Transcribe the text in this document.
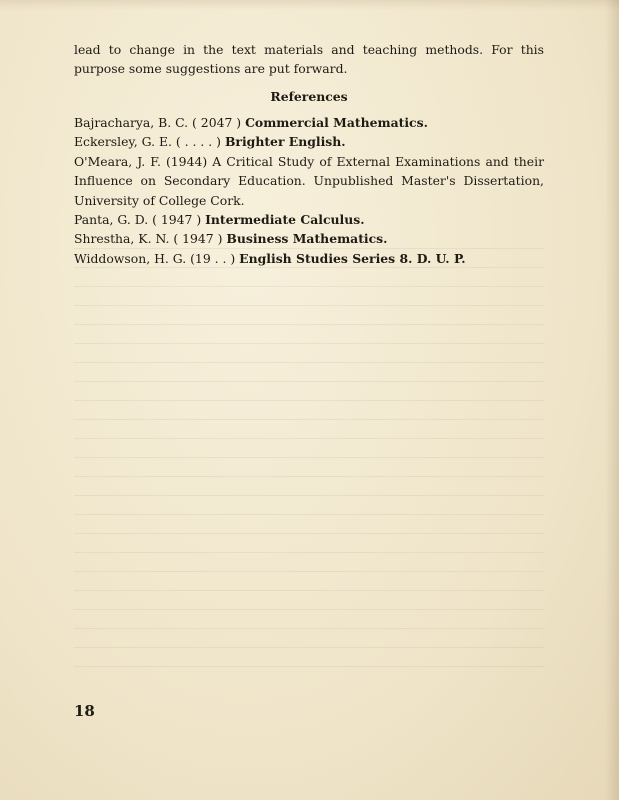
lead to change in the text materials and teaching methods. For this purpose some suggestions are put forward.

References
Bajracharya, B. C. ( 2047 ) Commercial Mathematics.
Eckersley, G. E. ( . . . . ) Brighter English.
O'Meara, J. F. (1944) A Critical Study of External Examinations and their Influence on Secondary Education. Unpublished Master's Dissertation, University of College Cork.
Panta, G. D. ( 1947 ) Intermediate Calculus.
Shrestha, K. N. ( 1947 ) Business Mathematics.
Widdowson, H. G. (19 . . ) English Studies Series 8. D. U. P.
18
